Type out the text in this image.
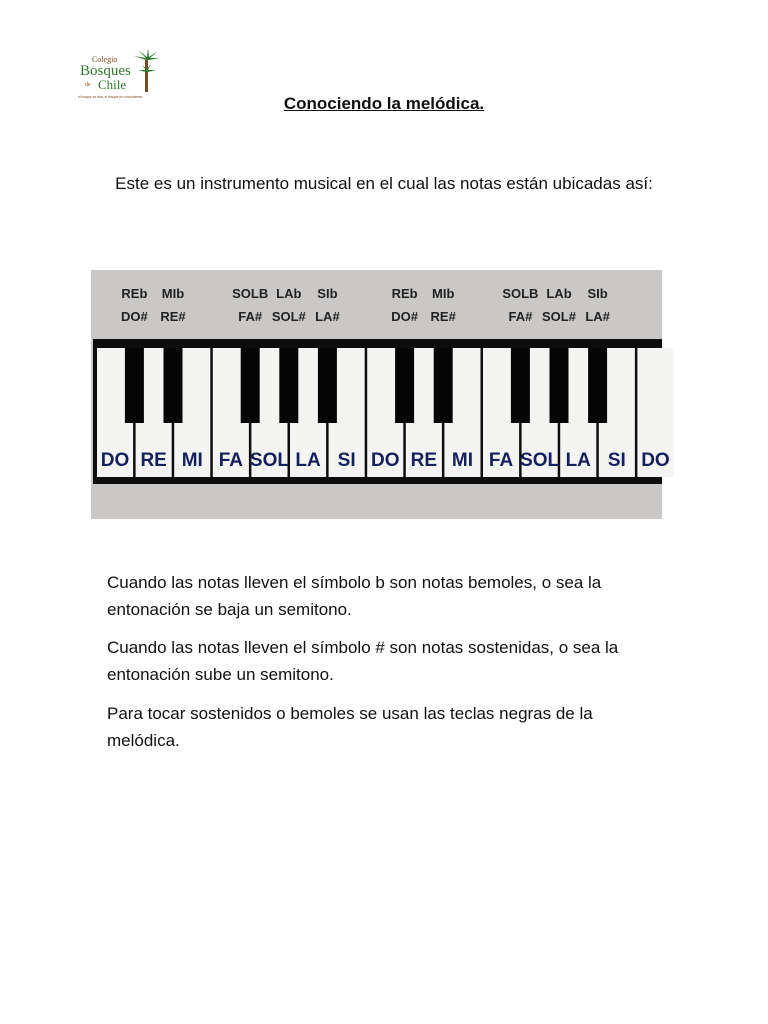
Colegio
Bosques
de Chile
el bosque es vida, el bosque es conocimiento	Conociendo la melódica.
Este es un instrumento musical en el cual las notas están ubicadas así:
DO RE MI FA SOL LA SI DO RE MI FA SOL LA SI DO
REb
DO#
MIb
RE#
SOLB
FA#
LAb
SOL#
SIb
LA#
REb
DO#
MIb
RE#
SOLB
FA#
LAb
SOL#
SIb
LA#

Cuando las notas lleven el símbolo b son notas bemoles, o sea la entonación se baja un semitono.

Cuando las notas lleven el símbolo # son notas sostenidas, o sea la entonación sube un semitono.

Para tocar sostenidos o bemoles se usan las teclas negras de la melódica.
